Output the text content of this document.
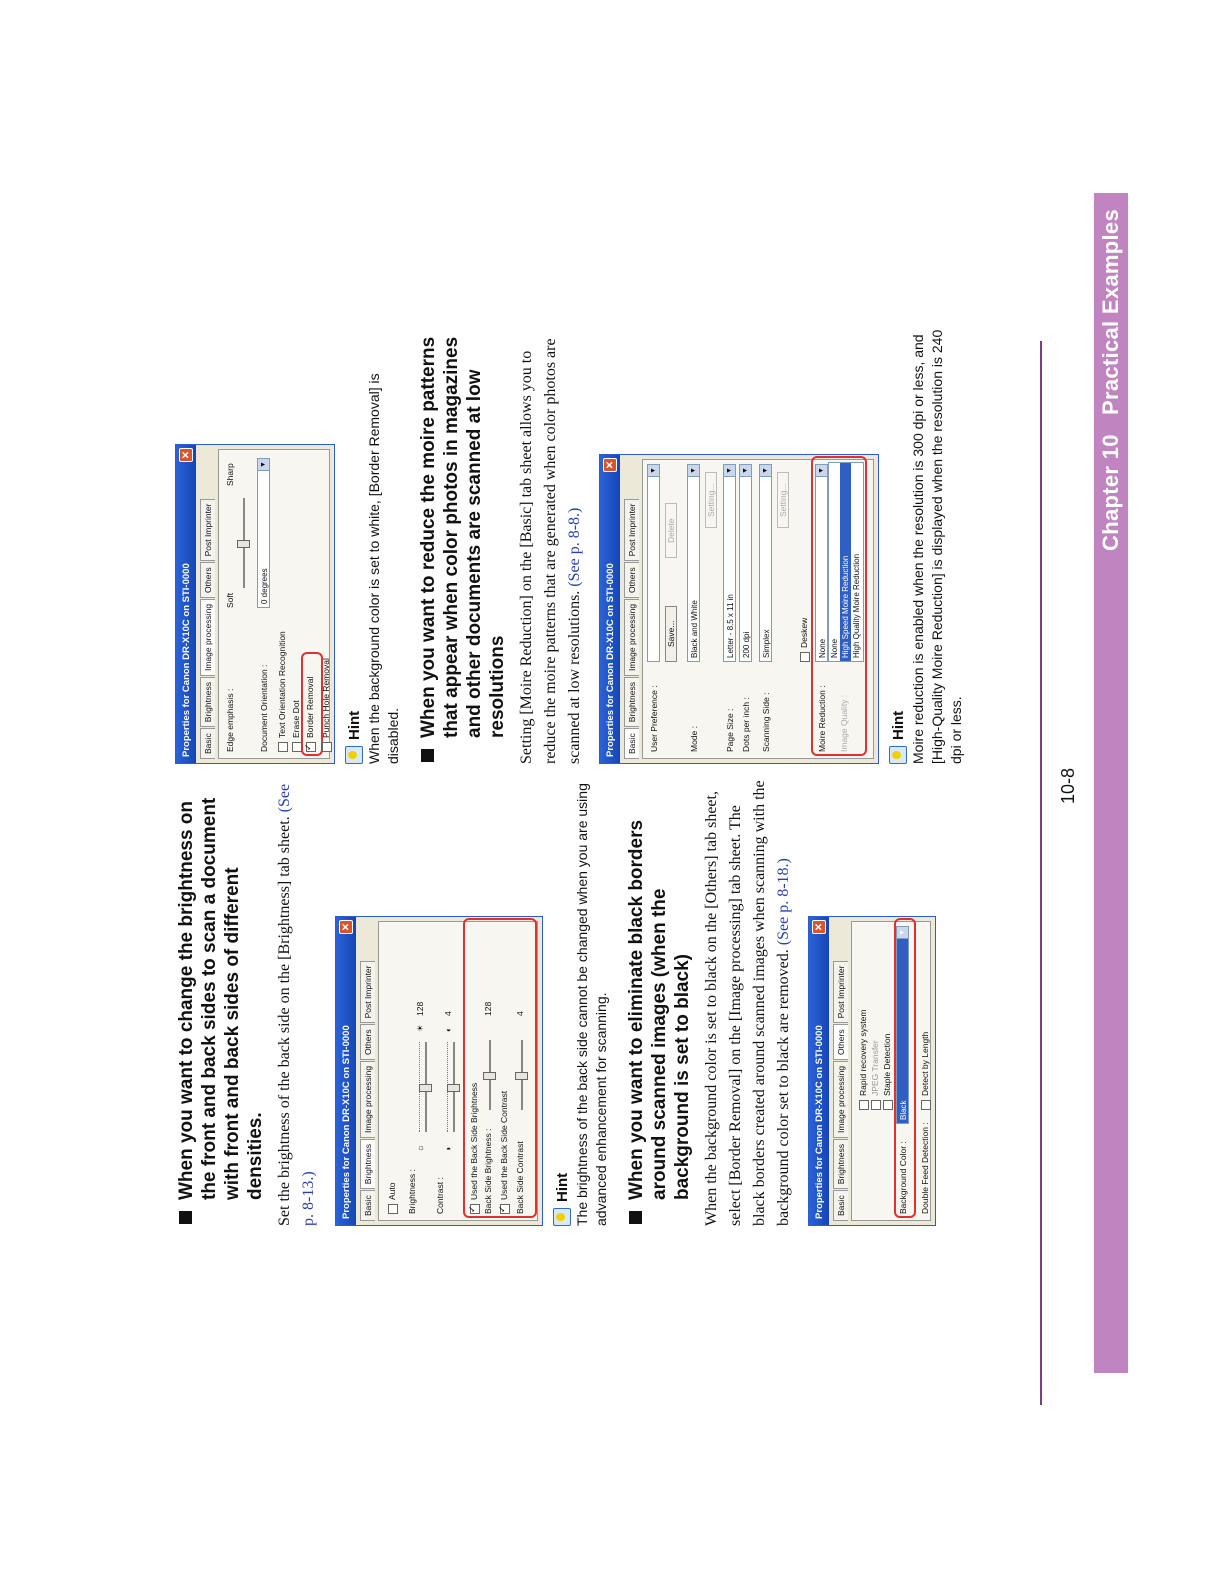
Chapter 10

Practical Examples
When you want to change the brightness on the front and back sides to scan a document with front and back sides of different densities. Set the brightness of the back side on the [Brightness] tab sheet. (See p. 8-13.)	Properties for Canon DR-X10C on STI-0000
✕
Basic
Brightness
Image processing
Others
Post Imprinter
Auto Brightness :
☼
☀
128
Contrast :
◑
◐
4
✓Used the Back Side Brightness Back Side Brightness :
128
✓Used the Back Side Contrast Back Side Contrast
4
Hint The brightness of the back side cannot be changed when you are using advanced enhancement for scanning. When you want to eliminate black borders around scanned images (when the background is set to black) When the background color is set to black on the [Others] tab sheet, select [Border Removal] on the [Image processing] tab sheet. The black borders created around scanned images when scanning with the background color set to black are removed. (See p. 8-18.)

Properties for Canon DR-X10C on STI-0000
✕
Basic
Brightness
Image processing
Others
Post Imprinter
Rapid recovery system JPEG Transfer Staple Detection
Background Color :
Black
▼
Double Feed Detection :
Detect by Length
Properties for Canon DR-X10C on STI-0000
✕
Basic
Brightness
Image processing
Others
Post Imprinter
Edge emphasis :
Soft
Sharp
Document Orientation :
0 degrees
▼
Text Orientation Recognition Erase Dot
✓ Border Removal Punch Hole Removal Hint When the background color is set to white, [Border Removal] is disabled. When you want to reduce the moire patterns that appear when color photos in magazines and other documents are scanned at low resolutions Setting [Moire Reduction] on the [Basic] tab sheet allows you to reduce the moire patterns that are generated when color photos are scanned at low resolutions. (See p. 8-8.)

Properties for Canon DR-X10C on STI-0000
✕
Basic
Brightness
Image processing
Others
Post Imprinter
User Preference :
▼
Save...
Delete
Mode :
Black and White
▼
Setting...
Page Size :
Letter - 8.5 x 11 in
▼
Dots per inch :
200 dpi
▼
Scanning Side :
Simplex
▼
Setting...
Deskew
Moire Reduction :
None
▼
Image Quality :
None High Speed Moire Reduction High Quality Moire Reduction
Hint Moire reduction is enabled when the resolution is 300 dpi or less, and [High-Quality Moire Reduction] is displayed when the resolution is 240 dpi or less.

10-8
